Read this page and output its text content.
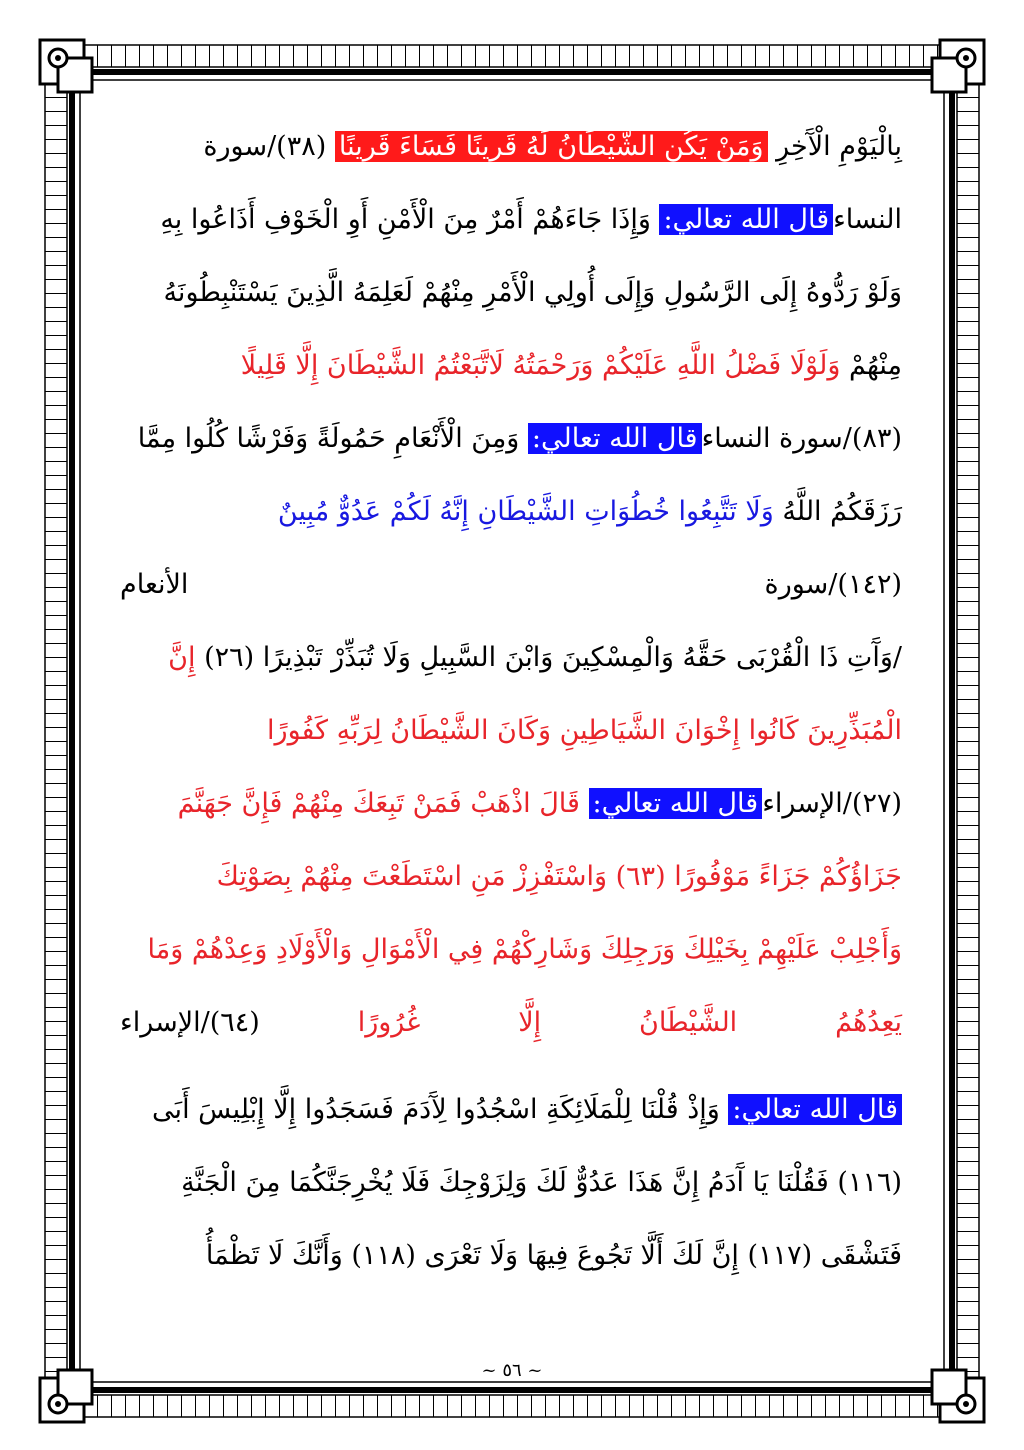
بِالْيَوْمِ الْآَخِرِ وَمَنْ يَكُنِ الشَّيْطَانُ لَهُ قَرِينًا فَسَاءَ قَرِينًا (٣٨)/سورة
النساءقال الله تعالي: وَإِذَا جَاءَهُمْ أَمْرٌ مِنَ الْأَمْنِ أَوِ الْخَوْفِ أَذَاعُوا بِهِ
وَلَوْ رَدُّوهُ إِلَى الرَّسُولِ وَإِلَى أُولِي الْأَمْرِ مِنْهُمْ لَعَلِمَهُ الَّذِينَ يَسْتَنْبِطُونَهُ
مِنْهُمْ وَلَوْلَا فَضْلُ اللَّهِ عَلَيْكُمْ وَرَحْمَتُهُ لَاتَّبَعْتُمُ الشَّيْطَانَ إِلَّا قَلِيلًا
(٨٣)/سورة النساءقال الله تعالي: وَمِنَ الْأَنْعَامِ حَمُولَةً وَفَرْشًا كُلُوا مِمَّا
رَزَقَكُمُ اللَّهُ وَلَا تَتَّبِعُوا خُطُوَاتِ الشَّيْطَانِ إِنَّهُ لَكُمْ عَدُوٌّ مُبِينٌ
(١٤٢)/سورة
الأنعام
/وَآَتِ ذَا الْقُرْبَى حَقَّهُ وَالْمِسْكِينَ وَابْنَ السَّبِيلِ وَلَا تُبَذِّرْ تَبْذِيرًا (٢٦) إِنَّ
الْمُبَذِّرِينَ كَانُوا إِخْوَانَ الشَّيَاطِينِ وَكَانَ الشَّيْطَانُ لِرَبِّهِ كَفُورًا
(٢٧)/الإسراءقال الله تعالي: قَالَ اذْهَبْ فَمَنْ تَبِعَكَ مِنْهُمْ فَإِنَّ جَهَنَّمَ
جَزَاؤُكُمْ جَزَاءً مَوْفُورًا (٦٣) وَاسْتَفْزِزْ مَنِ اسْتَطَعْتَ مِنْهُمْ بِصَوْتِكَ
وَأَجْلِبْ عَلَيْهِمْ بِخَيْلِكَ وَرَجِلِكَ وَشَارِكْهُمْ فِي الْأَمْوَالِ وَالْأَوْلَادِ وَعِدْهُمْ وَمَا
يَعِدُهُمُ
الشَّيْطَانُ
إِلَّا
غُرُورًا
(٦٤)/الإسراء
قال الله تعالي: وَإِذْ قُلْنَا لِلْمَلَائِكَةِ اسْجُدُوا لِآَدَمَ فَسَجَدُوا إِلَّا إِبْلِيسَ أَبَى
(١١٦) فَقُلْنَا يَا آَدَمُ إِنَّ هَذَا عَدُوٌّ لَكَ وَلِزَوْجِكَ فَلَا يُخْرِجَنَّكُمَا مِنَ الْجَنَّةِ
فَتَشْقَى (١١٧) إِنَّ لَكَ أَلَّا تَجُوعَ فِيهَا وَلَا تَعْرَى (١١٨) وَأَنَّكَ لَا تَظْمَأُ
~ ٥٦ ~
